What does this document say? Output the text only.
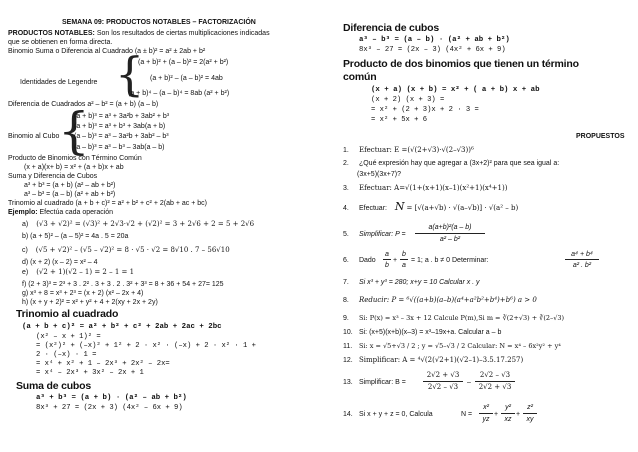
SEMANA 09: PRODUCTOS NOTABLES – FACTORIZACIÓN
PRODUCTOS NOTABLES: Son los resultados de ciertas multiplicaciones indicadas
que se obtienen en forma directa.
Binomio Suma o Diferencia al Cuadrado (a ± b)² = a² ± 2ab + b²
Identidades de Legendre {
(a + b)² + (a – b)² = 2(a² + b²)
(a + b)² – (a – b)² = 4ab
(a + b)⁴ – (a – b)⁴ = 8ab (a² + b²)
Diferencia de Cuadrados a² – b² = (a + b) (a – b)
Binomio al Cubo
{
(a + b)³ = a³ + 3a²b + 3ab² + b³
(a + b)³ = a³ + b³ + 3ab(a + b)
(a – b)³ = a³ – 3a²b + 3ab² – b³
(a – b)³ = a³ – b³ – 3ab(a – b)
Producto de Binomios con Término Común
(x + a)(x+ b) = x² + (a + b)x + ab
Suma y Diferencia de Cubos
a³ + b³ = (a + b) (a² – ab + b²)
a³ – b³ = (a – b) (a² + ab + b²)
Trinomio al cuadrado (a + b + c)² = a² + b² + c² + 2(ab + ac + bc)
Ejemplo: Efectúa cada operación
a) (√3 + √2)² = (√3)² + 2√3·√2 + (√2)² = 3 + 2√6 + 2 = 5 + 2√6
b) (a + 5)² – (a – 5)² = 4a . 5 = 20a
c) (√5 + √2)² – (√5 – √2)² = 8 · √5 · √2 = 8√10 . 7 – 56√10
d) (x + 2) (x – 2) = x² – 4
e) (√2 + 1)(√2 – 1) = 2 – 1 = 1
f) (2 + 3)³ = 2³ + 3 . 2² . 3 + 3 . 2 . 3² + 3³ = 8 + 36 + 54 + 27= 125
g) x³ + 8 = x³ + 2³ = (x + 2) (x² – 2x + 4)
h) (x + y + 2)² = x² + y² + 4 + 2(xy + 2x + 2y)
Trinomio al cuadrado
(a + b + c)² = a² + b² + c² + 2ab + 2ac + 2bc
(x² – x + 1)² =
= (x²)² + (–x)² + 1² + 2 · x² · (–x) + 2 · x² · 1 +
2 · (–x) · 1 =
= x⁴ + x² + 1 – 2x³ + 2x² – 2x=
= x⁴ – 2x³ + 3x² – 2x + 1
Suma de cubos
a³ + b³ = (a + b) · (a² – ab + b²)
8x³ + 27 = (2x + 3) (4x² – 6x + 9)
Diferencia de cubos
a³ – b³ = (a – b) · (a² + ab + b²)
8x³ – 27 = (2x – 3) (4x² + 6x + 9)
Producto de dos binomios que tienen un término
común
(x + a) (x + b) = x² + ( a + b) x + ab
(x + 2) (x + 3) =
= x² + (2 + 3)x + 2 · 3 =
= x² + 5x + 6
PROPUESTOS
1. Efectuar: E =(√(2+√3)·√(2–√3))⁶
2. ¿Qué expresión hay que agregar a (3x+2)² para que sea igual a:
(3x+5)(3x+7)?
3. Efectuar: A=√(1+(x+1)(x–1)(x²+1)(x⁴+1))
4. Efectuar: N = [√(a+√b) · √(a–√b)] · √(a² – b)
5. Simplificar: P =
a(a+b)²(a – b)
a² – b²
6. Dado
a
b
+
b
a
= 1; a . b ≠ 0 Determinar:
a⁴ + b⁴
a² . b²
7. Si x³ + y³ = 280; x+y = 10 Calcular x . y
8. Reducir: P = ⁶√((a+b)(a–b)(a⁴+a²b²+b⁴)+b⁶) a > 0
9. Si: P(x) = x³ – 3x + 12 Calcule P(m),Si m = ∛(2+√3) + ∛(2–√3)
10. Si: (x+5)(x+b)(x–3) = x³–19x+a. Calcular a – b
11. Si: x = √5+√3 / 2 ; y = √5–√3 / 2 Calcular: N = x⁴ – 6x²y² + y⁴
12. Simplificar: A = ⁴√(2(√2+1)(√2–1)–3.5.17.257)
13. Simplificar: B =
2√2 + √3
2√2 – √3
–
2√2 – √3
2√2 + √3
14. Si x + y + z = 0, Calcula	N =
x²
yz
+
y²
xz
+
z²
xy
